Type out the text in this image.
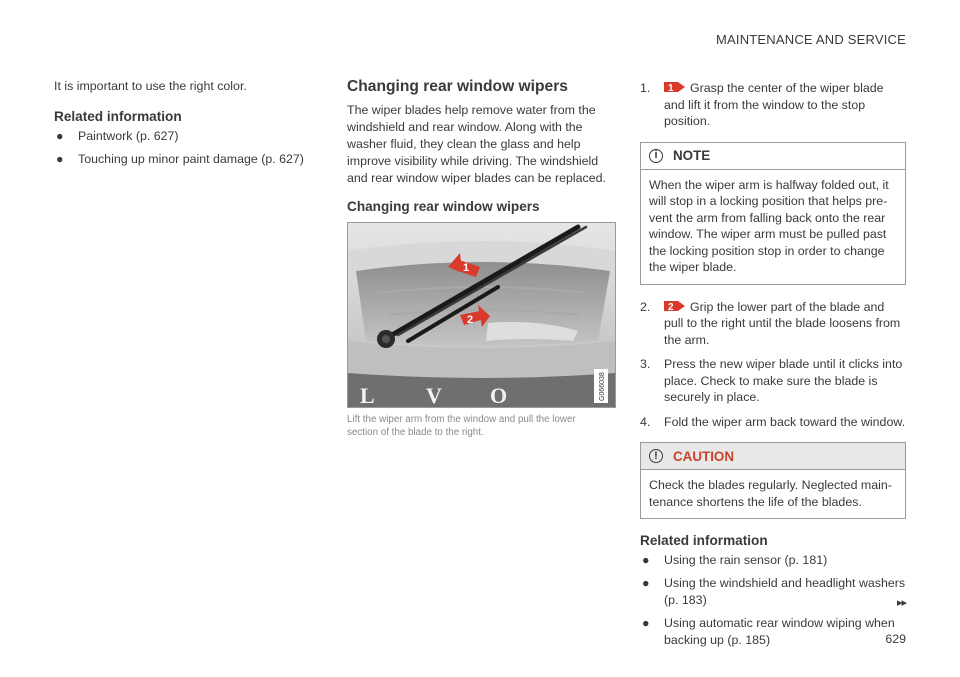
MAINTENANCE AND SERVICE

It is important to use the right color.

Related information
● Paintwork (p. 627)
● Touching up minor paint damage (p. 627)
Changing rear window wipers

The wiper blades help remove water from the windshield and rear window. Along with the washer fluid, they clean the glass and help improve visibility while driving. The windshield and rear window wiper blades can be replaced.

Changing rear window wipers
1
2
L V O	G066038
Lift the wiper arm from the window and pull the lower section of the blade to the right.
1. 1 Grasp the center of the wiper blade and lift it from the window to the stop position.
i	NOTE
When the wiper arm is halfway folded out, it will stop in a locking position that helps pre-vent the arm from falling back onto the rear window. The wiper arm must be pulled past the locking position stop in order to change the wiper blade.
2. 2 Grip the lower part of the blade and pull to the right until the blade loosens from the arm.
3. Press the new wiper blade until it clicks into place. Check to make sure the blade is securely in place.
4. Fold the wiper arm back toward the window.
!	CAUTION
Check the blades regularly. Neglected main-tenance shortens the life of the blades.
Related information
● Using the rain sensor (p. 181)
● Using the windshield and headlight washers (p. 183)
● Using automatic rear window wiping when backing up (p. 185)
▸▸
629
